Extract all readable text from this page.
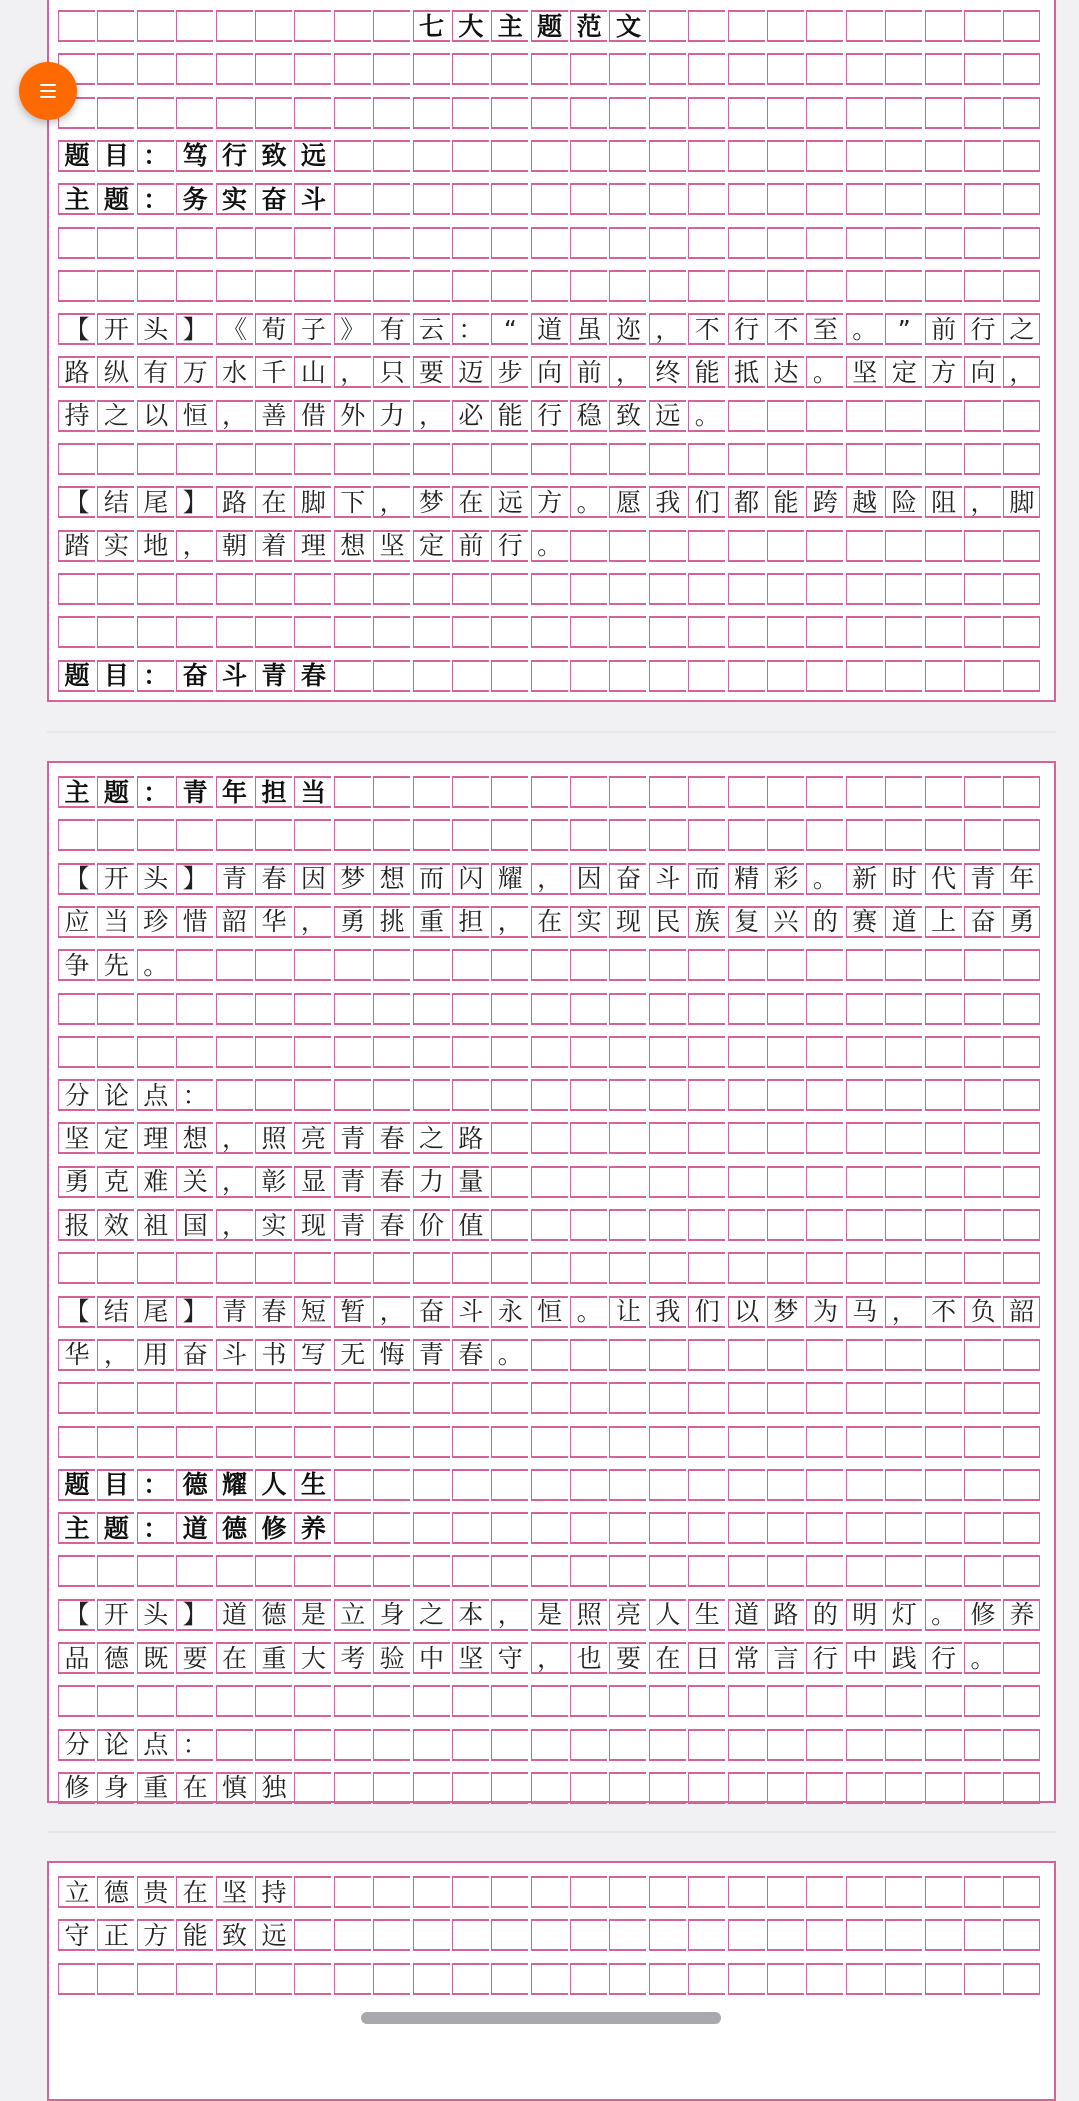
七 大 主 题 范 文
题 目 ： 笃 行 致 远
主 题 ： 务 实 奋 斗
【 开 头 】 《 荀 子 》 有 云 ： “ 道 虽 迩 ， 不 行 不 至 。 ” 前 行 之
路 纵 有 万 水 千 山 ， 只 要 迈 步 向 前 ， 终 能 抵 达 。 坚 定 方 向 ，
持 之 以 恒 ， 善 借 外 力 ， 必 能 行 稳 致 远 。
【 结 尾 】 路 在 脚 下 ， 梦 在 远 方 。 愿 我 们 都 能 跨 越 险 阻 ， 脚
踏 实 地 ， 朝 着 理 想 坚 定 前 行 。
题 目 ： 奋 斗 青 春
主 题 ： 青 年 担 当
【 开 头 】 青 春 因 梦 想 而 闪 耀 ， 因 奋 斗 而 精 彩 。 新 时 代 青 年
应 当 珍 惜 韶 华 ， 勇 挑 重 担 ， 在 实 现 民 族 复 兴 的 赛 道 上 奋 勇
争 先 。
分 论 点 ：
坚 定 理 想 ， 照 亮 青 春 之 路
勇 克 难 关 ， 彰 显 青 春 力 量
报 效 祖 国 ， 实 现 青 春 价 值
【 结 尾 】 青 春 短 暂 ， 奋 斗 永 恒 。 让 我 们 以 梦 为 马 ， 不 负 韶
华 ， 用 奋 斗 书 写 无 悔 青 春 。
题 目 ： 德 耀 人 生
主 题 ： 道 德 修 养
【 开 头 】 道 德 是 立 身 之 本 ， 是 照 亮 人 生 道 路 的 明 灯 。 修 养
品 德 既 要 在 重 大 考 验 中 坚 守 ， 也 要 在 日 常 言 行 中 践 行 。
分 论 点 ：
修 身 重 在 慎 独
立 德 贵 在 坚 持
守 正 方 能 致 远
